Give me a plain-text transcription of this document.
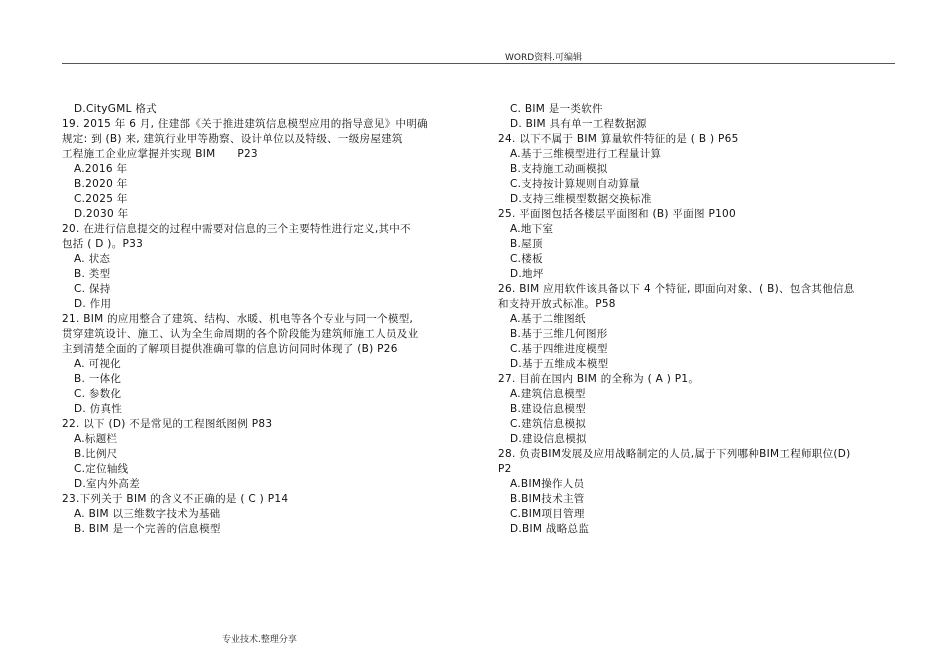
WORD资料.可编辑
D.CityGML 格式
19. 2015 年 6 月, 住建部《关于推进建筑信息模型应用的指导意见》中明确
规定: 到 (B) 来, 建筑行业甲等勘察、设计单位以及特级、一级房屋建筑
工程施工企业应掌握并实现 BIM      P23
A.2016 年
B.2020 年
C.2025 年
D.2030 年
20. 在进行信息提交的过程中需要对信息的三个主要特性进行定义,其中不
包括 ( D )。P33
A. 状态
B. 类型
C. 保持
D. 作用
21. BIM 的应用整合了建筑、结构、水暖、机电等各个专业与同一个模型,
贯穿建筑设计、施工、认为全生命周期的各个阶段能为建筑师施工人员及业
主到清楚全面的了解项目提供准确可靠的信息访问同时体现了 (B) P26
A. 可视化
B. 一体化
C. 参数化
D. 仿真性
22. 以下 (D) 不是常见的工程图纸图例 P83
A.标题栏
B.比例尺
C.定位轴线
D.室内外高差
23.下列关于 BIM 的含义不正确的是 ( C ) P14
A. BIM 以三维数字技术为基础
B. BIM 是一个完善的信息模型
C. BIM 是一类软件
D. BIM 具有单一工程数据源
24. 以下不属于 BIM 算量软件特征的是 ( B ) P65
A.基于三维模型进行工程量计算
B.支持施工动画模拟
C.支持按计算规则自动算量
D.支持三维模型数据交换标准
25. 平面图包括各楼层平面图和 (B) 平面图 P100
A.地下室
B.屋顶
C.楼板
D.地坪
26. BIM 应用软件该具备以下 4 个特征, 即面向对象、( B)、包含其他信息
和支持开放式标准。P58
A.基于二维图纸
B.基于三维几何图形
C.基于四维进度模型
D.基于五维成本模型
27. 目前在国内 BIM 的全称为 ( A ) P1。
A.建筑信息模型
B.建设信息模型
C.建筑信息模拟
D.建设信息模拟
28. 负责BIM发展及应用战略制定的人员,属于下列哪种BIM工程师职位(D)
P2
A.BIM操作人员
B.BIM技术主管
C.BIM项目管理
D.BIM 战略总监
专业技术.整理分享
